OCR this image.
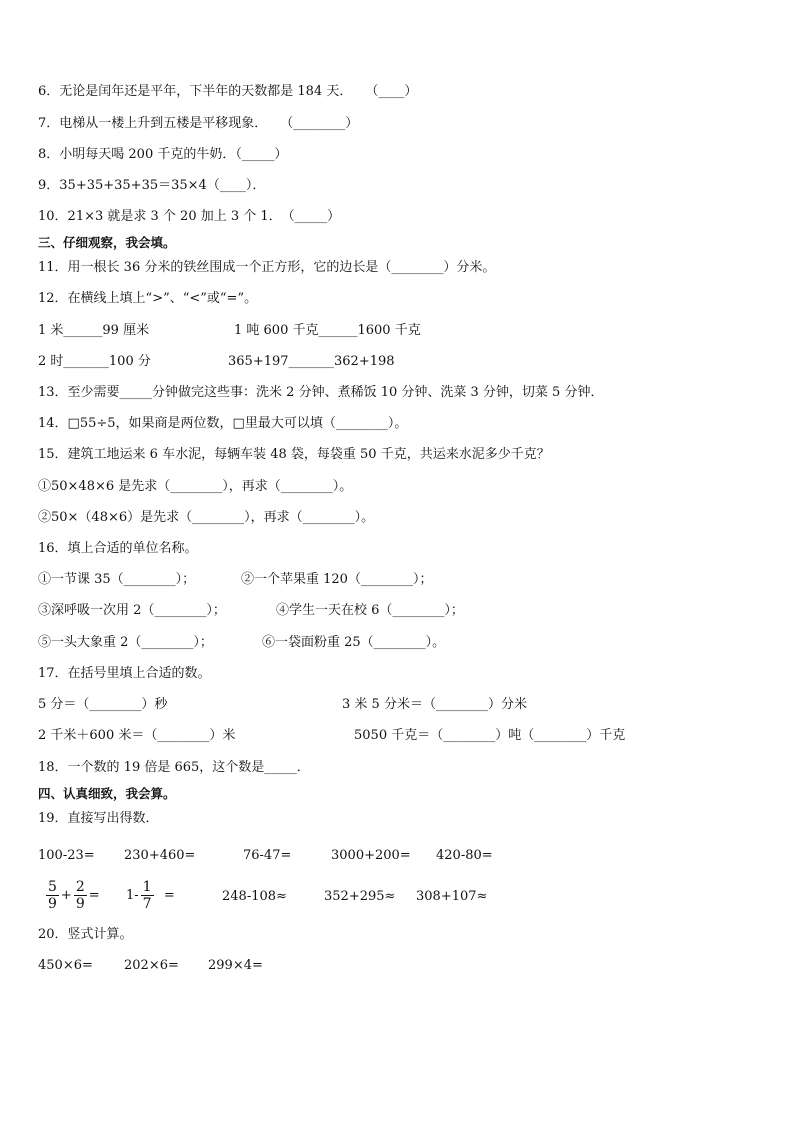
6．无论是闰年还是平年，下半年的天数都是 184 天．　　（____）
7．电梯从一楼上升到五楼是平移现象．　　（________）
8．小明每天喝 200 千克的牛奶．（_____）
9．35+35+35+35＝35×4（____）．
10．21×3 就是求 3 个 20 加上 3 个 1．　（_____）
三、仔细观察，我会填。
11．用一根长 36 分米的铁丝围成一个正方形，它的边长是（________）分米。
12．在横线上填上“>”、“<”或“=”。
1 米______99 厘米	1 吨 600 千克______1600 千克
2 时_______100 分	365+197_______362+198
13．至少需要_____分钟做完这些事：洗米 2 分钟、煮稀饭 10 分钟、洗菜 3 分钟，切菜 5 分钟．
14．□55÷5，如果商是两位数，□里最大可以填（________）。
15．建筑工地运来 6 车水泥，每辆车装 48 袋，每袋重 50 千克，共运来水泥多少千克？
①50×48×6 是先求（________），再求（________）。
②50×（48×6）是先求（________），再求（________）。
16．填上合适的单位名称。
①一节课 35（________）；	②一个苹果重 120（________）；
③深呼吸一次用 2（________）；	④学生一天在校 6（________）；
⑤一头大象重 2（________）；	⑥一袋面粉重 25（________）。
17．在括号里填上合适的数。
5 分＝（________）秒	3 米 5 分米＝（________）分米
2 千米＋600 米＝（________）米	5050 千克＝（________）吨（________）千克
18．一个数的 19 倍是 665，这个数是_____．
四、认真细致，我会算。
19．直接写出得数．
100-23= 230+460=	76-47=	3000+200= 420-80=
$\frac{5}{9} + \frac{2}{9} = 1- \frac{1}{7}$ =	248-108≈	352+295≈ 308+107≈
20．竖式计算。
450×6= 202×6= 299×4=
